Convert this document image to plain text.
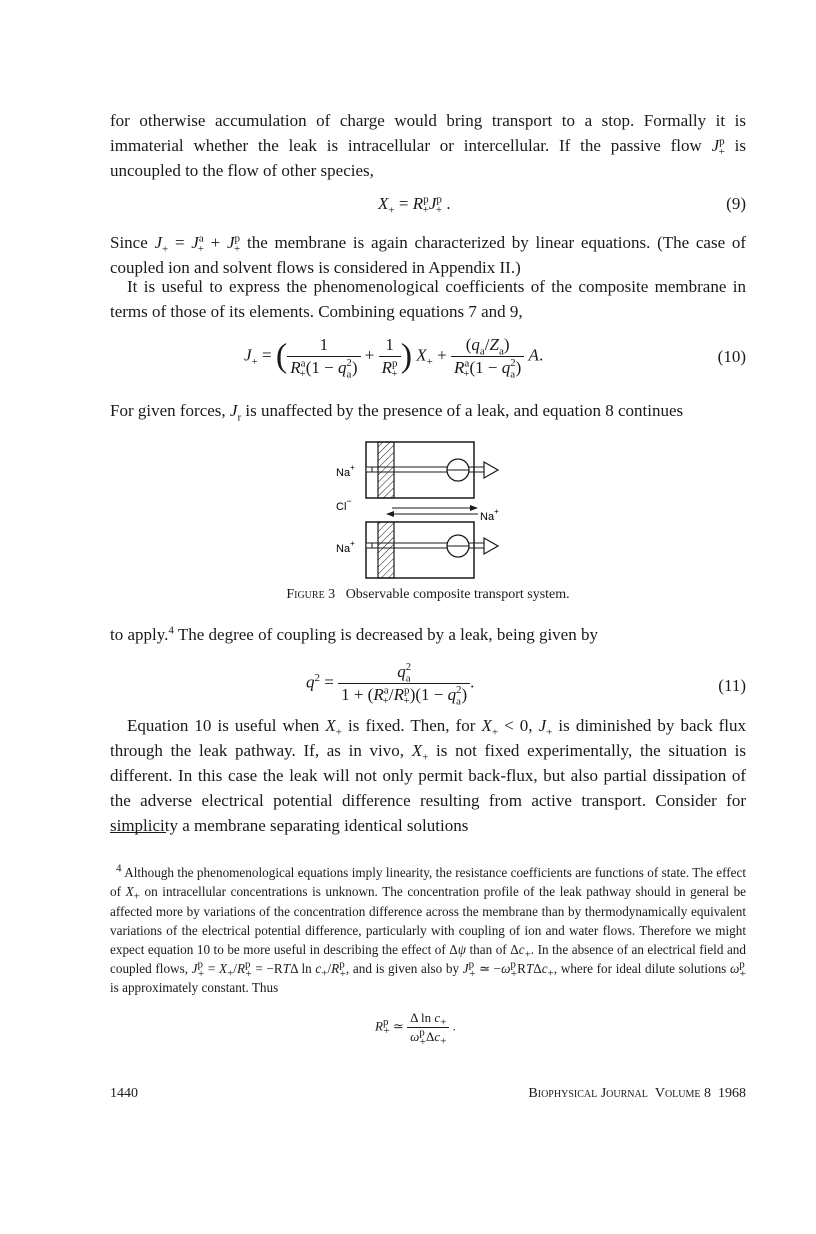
for otherwise accumulation of charge would bring transport to a stop. Formally it is immaterial whether the leak is intracellular or intercellular. If the passive flow $J^p_+$ is uncoupled to the flow of other species,

$X_+ = R^p_+J^p_+$ .	(9)

Since $J_+ = J^a_+ + J^p_+$ the membrane is again characterized by linear equations. (The case of coupled ion and solvent flows is considered in Appendix II.)

It is useful to express the phenomenological coefficients of the composite membrane in terms of those of its elements. Combining equations 7 and 9,

$J_+$ = ( $\frac{1}{R^a_+(1 - q_a^2)} + \frac{1}{R^p_+}$ ) $X_+ + \frac{(q_a/Z_a)}{R^a_+(1 - q_a^2)} A$.	(10)

For given forces, $J_r$ is unaffected by the presence of a leak, and equation 8 continues

Na+
Cl−
Na+
Na+
Figure 3 Observable composite transport system.

to apply.$^4$ The degree of coupling is decreased by a leak, being given by

$q^2 = \frac{q_a^2}{1 + (R^a_+/R^p_+)(1 - q_a^2)}$ .	(11)

Equation 10 is useful when $X_+$ is fixed. Then, for $X_+ < 0$, $J_+$ is diminished by back flux through the leak pathway. If, as in vivo, $X_+$ is not fixed experimentally, the situation is different. In this case the leak will not only permit back-flux, but also partial dissipation of the adverse electrical potential difference resulting from active transport. Consider for simplicity a membrane separating identical solutions

$^4$ Although the phenomenological equations imply linearity, the resistance coefficients are functions of state. The effect of $X_+$ on intracellular concentrations is unknown. The concentration profile of the leak pathway should in general be affected more by variations of the concentration difference across the membrane than by thermodynamically equivalent variations of the electrical potential difference, particularly with coupling of ion and water flows. Therefore we might expect equation 10 to be more useful in describing the effect of Δψ than of $\Delta c_+$. In the absence of an electrical field and coupled flows, $J^p_+ = X_+/R^p_+ = -RT\Delta$ $\ln c_+/R^p_+$, and is given also by $J^p_+$ ≃ $-\omega^p_+RT\Delta c_+$, where for ideal dilute solutions $\omega^p_+$ is approximately constant. Thus

$R^p_+$ ≃ $\frac{\Delta \ln c_+}{\omega^p_+\Delta c_+}$ .
1440	Biophysical Journal Volume 8 1968
